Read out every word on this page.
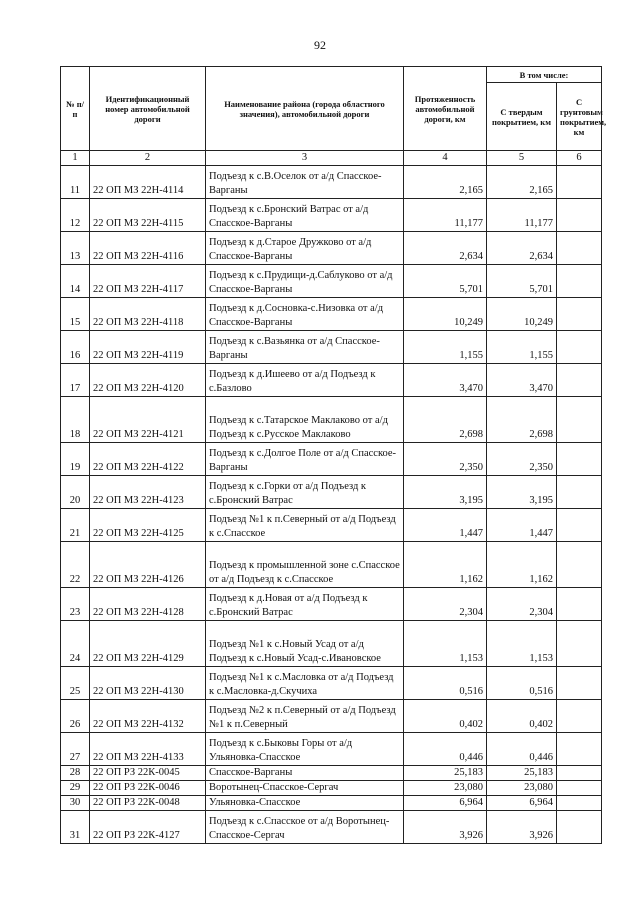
92
№ п/п	Идентификационный номер автомобильной дороги	Наименование района (города областного значения), автомобильной дороги	Протяженность автомобильной дороги, км	В том числе:	
				С твердым покрытием, км	С грунтовым покрытием, км
1	2	3	4	5	6
11	22 ОП МЗ 22Н-4114	Подъезд к с.В.Оселок от а/д Спасское-Варганы	2,165	2,165	
12	22 ОП МЗ 22Н-4115	Подъезд к с.Бронский Ватрас от а/д Спасское-Варганы	11,177	11,177	
13	22 ОП МЗ 22Н-4116	Подъезд к д.Старое Дружково от а/д Спасское-Варганы	2,634	2,634	
14	22 ОП МЗ 22Н-4117	Подъезд к с.Прудищи-д.Саблуково от а/д Спасское-Варганы	5,701	5,701	
15	22 ОП МЗ 22Н-4118	Подъезд к д.Сосновка-с.Низовка от а/д Спасское-Варганы	10,249	10,249	
16	22 ОП МЗ 22Н-4119	Подъезд к с.Вазьянка от а/д Спасское-Варганы	1,155	1,155	
17	22 ОП МЗ 22Н-4120	Подъезд к д.Ишеево от а/д Подъезд к с.Базлово	3,470	3,470	
18	22 ОП МЗ 22Н-4121	Подъезд к с.Татарское Маклаково от а/д Подъезд к с.Русское Маклаково	2,698	2,698	
19	22 ОП МЗ 22Н-4122	Подъезд к с.Долгое Поле от а/д Спасское-Варганы	2,350	2,350	
20	22 ОП МЗ 22Н-4123	Подъезд к с.Горки от а/д Подъезд к с.Бронский Ватрас	3,195	3,195	
21	22 ОП МЗ 22Н-4125	Подъезд №1 к п.Северный от а/д Подъезд к с.Спасское	1,447	1,447	
22	22 ОП МЗ 22Н-4126	Подъезд к промышленной зоне с.Спасское от а/д Подъезд к с.Спасское	1,162	1,162	
23	22 ОП МЗ 22Н-4128	Подъезд к д.Новая от а/д Подъезд к с.Бронский Ватрас	2,304	2,304	
24	22 ОП МЗ 22Н-4129	Подъезд №1 к с.Новый Усад от а/д Подъезд к с.Новый Усад-с.Ивановское	1,153	1,153	
25	22 ОП МЗ 22Н-4130	Подъезд №1 к с.Масловка от а/д Подъезд к с.Масловка-д.Скучиха	0,516	0,516	
26	22 ОП МЗ 22Н-4132	Подъезд №2 к п.Северный от а/д Подъезд №1 к п.Северный	0,402	0,402	
27	22 ОП МЗ 22Н-4133	Подъезд к с.Быковы Горы от а/д Ульяновка-Спасское	0,446	0,446	
28	22 ОП РЗ 22К-0045	Спасское-Варганы	25,183	25,183	
29	22 ОП РЗ 22К-0046	Воротынец-Спасское-Сергач	23,080	23,080	
30	22 ОП РЗ 22К-0048	Ульяновка-Спасское	6,964	6,964	
31	22 ОП РЗ 22К-4127	Подъезд к с.Спасское от а/д Воротынец-Спасское-Сергач	3,926	3,926	
